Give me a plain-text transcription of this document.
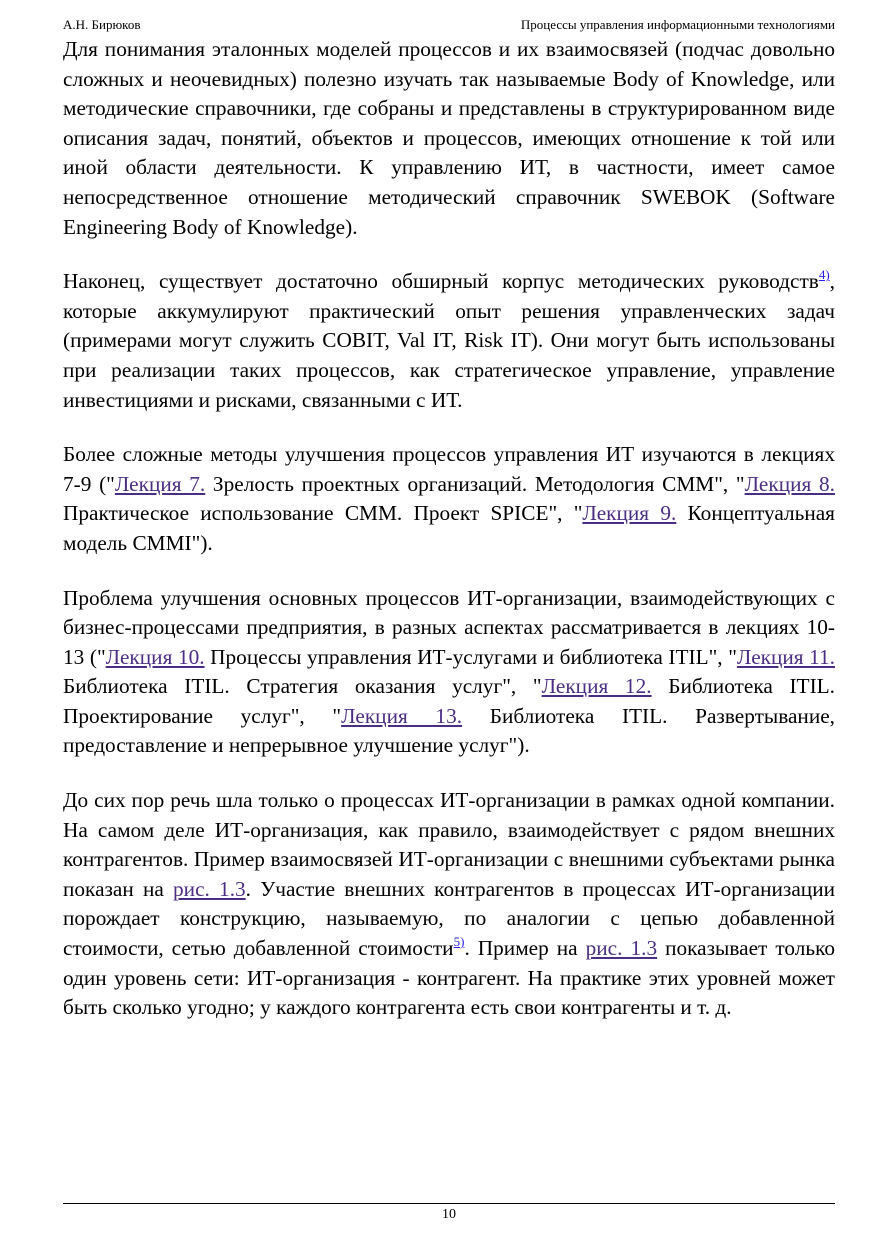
А.Н. Бирюков	Процессы управления информационными технологиями

Для понимания эталонных моделей процессов и их взаимосвязей (подчас довольно сложных и неочевидных) полезно изучать так называемые Body of Knowledge, или методические справочники, где собраны и представлены в структурированном виде описания задач, понятий, объектов и процессов, имеющих отношение к той или иной области деятельности. К управлению ИТ, в частности, имеет самое непосредственное отношение методический справочник SWEBOK (Software Engineering Body of Knowledge).

Наконец, существует достаточно обширный корпус методических руководств$^{4)}$, которые аккумулируют практический опыт решения управленческих задач (примерами могут служить COBIT, Val IT, Risk IT). Они могут быть использованы при реализации таких процессов, как стратегическое управление, управление инвестициями и рисками, связанными с ИТ.

Более сложные методы улучшения процессов управления ИТ изучаются в лекциях 7-9 ("Лекция 7. Зрелость проектных организаций. Методология CMM", "Лекция 8. Практическое использование CMM. Проект SPICE", "Лекция 9. Концептуальная модель CMMI").

Проблема улучшения основных процессов ИТ-организации, взаимодействующих с бизнес-процессами предприятия, в разных аспектах рассматривается в лекциях 10-13 ("Лекция 10. Процессы управления ИТ-услугами и библиотека ITIL", "Лекция 11. Библиотека ITIL. Стратегия оказания услуг", "Лекция 12. Библиотека ITIL. Проектирование услуг", "Лекция 13. Библиотека ITIL. Развертывание, предоставление и непрерывное улучшение услуг").

До сих пор речь шла только о процессах ИТ-организации в рамках одной компании. На самом деле ИТ-организация, как правило, взаимодействует с рядом внешних контрагентов. Пример взаимосвязей ИТ-организации с внешними субъектами рынка показан на рис. 1.3. Участие внешних контрагентов в процессах ИТ-организации порождает конструкцию, называемую, по аналогии с цепью добавленной стоимости, сетью добавленной стоимости$^{5)}$. Пример на рис. 1.3 показывает только один уровень сети: ИТ-организация - контрагент. На практике этих уровней может быть сколько угодно; у каждого контрагента есть свои контрагенты и т. д.

10
